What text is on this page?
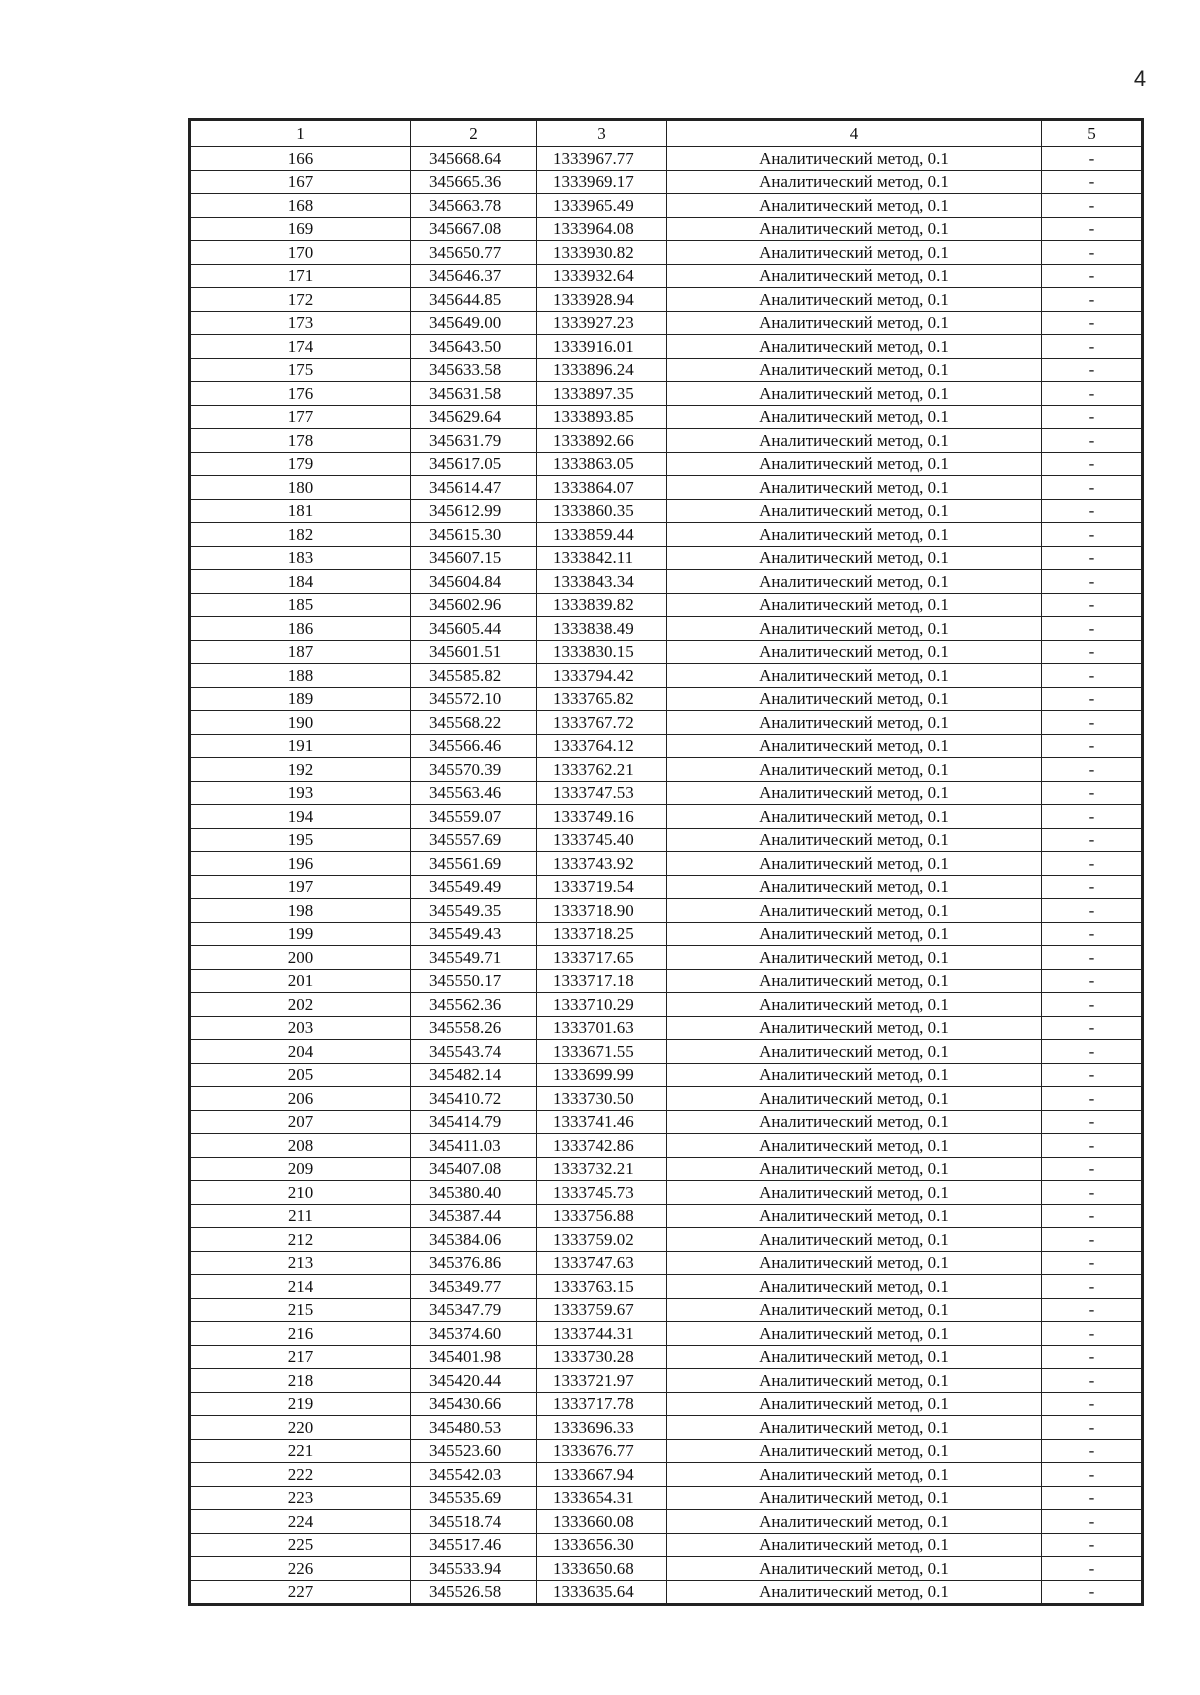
4
1	2	3	4	5
166	345668.64	1333967.77	Аналитический метод, 0.1	-
167	345665.36	1333969.17	Аналитический метод, 0.1	-
168	345663.78	1333965.49	Аналитический метод, 0.1	-
169	345667.08	1333964.08	Аналитический метод, 0.1	-
170	345650.77	1333930.82	Аналитический метод, 0.1	-
171	345646.37	1333932.64	Аналитический метод, 0.1	-
172	345644.85	1333928.94	Аналитический метод, 0.1	-
173	345649.00	1333927.23	Аналитический метод, 0.1	-
174	345643.50	1333916.01	Аналитический метод, 0.1	-
175	345633.58	1333896.24	Аналитический метод, 0.1	-
176	345631.58	1333897.35	Аналитический метод, 0.1	-
177	345629.64	1333893.85	Аналитический метод, 0.1	-
178	345631.79	1333892.66	Аналитический метод, 0.1	-
179	345617.05	1333863.05	Аналитический метод, 0.1	-
180	345614.47	1333864.07	Аналитический метод, 0.1	-
181	345612.99	1333860.35	Аналитический метод, 0.1	-
182	345615.30	1333859.44	Аналитический метод, 0.1	-
183	345607.15	1333842.11	Аналитический метод, 0.1	-
184	345604.84	1333843.34	Аналитический метод, 0.1	-
185	345602.96	1333839.82	Аналитический метод, 0.1	-
186	345605.44	1333838.49	Аналитический метод, 0.1	-
187	345601.51	1333830.15	Аналитический метод, 0.1	-
188	345585.82	1333794.42	Аналитический метод, 0.1	-
189	345572.10	1333765.82	Аналитический метод, 0.1	-
190	345568.22	1333767.72	Аналитический метод, 0.1	-
191	345566.46	1333764.12	Аналитический метод, 0.1	-
192	345570.39	1333762.21	Аналитический метод, 0.1	-
193	345563.46	1333747.53	Аналитический метод, 0.1	-
194	345559.07	1333749.16	Аналитический метод, 0.1	-
195	345557.69	1333745.40	Аналитический метод, 0.1	-
196	345561.69	1333743.92	Аналитический метод, 0.1	-
197	345549.49	1333719.54	Аналитический метод, 0.1	-
198	345549.35	1333718.90	Аналитический метод, 0.1	-
199	345549.43	1333718.25	Аналитический метод, 0.1	-
200	345549.71	1333717.65	Аналитический метод, 0.1	-
201	345550.17	1333717.18	Аналитический метод, 0.1	-
202	345562.36	1333710.29	Аналитический метод, 0.1	-
203	345558.26	1333701.63	Аналитический метод, 0.1	-
204	345543.74	1333671.55	Аналитический метод, 0.1	-
205	345482.14	1333699.99	Аналитический метод, 0.1	-
206	345410.72	1333730.50	Аналитический метод, 0.1	-
207	345414.79	1333741.46	Аналитический метод, 0.1	-
208	345411.03	1333742.86	Аналитический метод, 0.1	-
209	345407.08	1333732.21	Аналитический метод, 0.1	-
210	345380.40	1333745.73	Аналитический метод, 0.1	-
211	345387.44	1333756.88	Аналитический метод, 0.1	-
212	345384.06	1333759.02	Аналитический метод, 0.1	-
213	345376.86	1333747.63	Аналитический метод, 0.1	-
214	345349.77	1333763.15	Аналитический метод, 0.1	-
215	345347.79	1333759.67	Аналитический метод, 0.1	-
216	345374.60	1333744.31	Аналитический метод, 0.1	-
217	345401.98	1333730.28	Аналитический метод, 0.1	-
218	345420.44	1333721.97	Аналитический метод, 0.1	-
219	345430.66	1333717.78	Аналитический метод, 0.1	-
220	345480.53	1333696.33	Аналитический метод, 0.1	-
221	345523.60	1333676.77	Аналитический метод, 0.1	-
222	345542.03	1333667.94	Аналитический метод, 0.1	-
223	345535.69	1333654.31	Аналитический метод, 0.1	-
224	345518.74	1333660.08	Аналитический метод, 0.1	-
225	345517.46	1333656.30	Аналитический метод, 0.1	-
226	345533.94	1333650.68	Аналитический метод, 0.1	-
227	345526.58	1333635.64	Аналитический метод, 0.1	-
